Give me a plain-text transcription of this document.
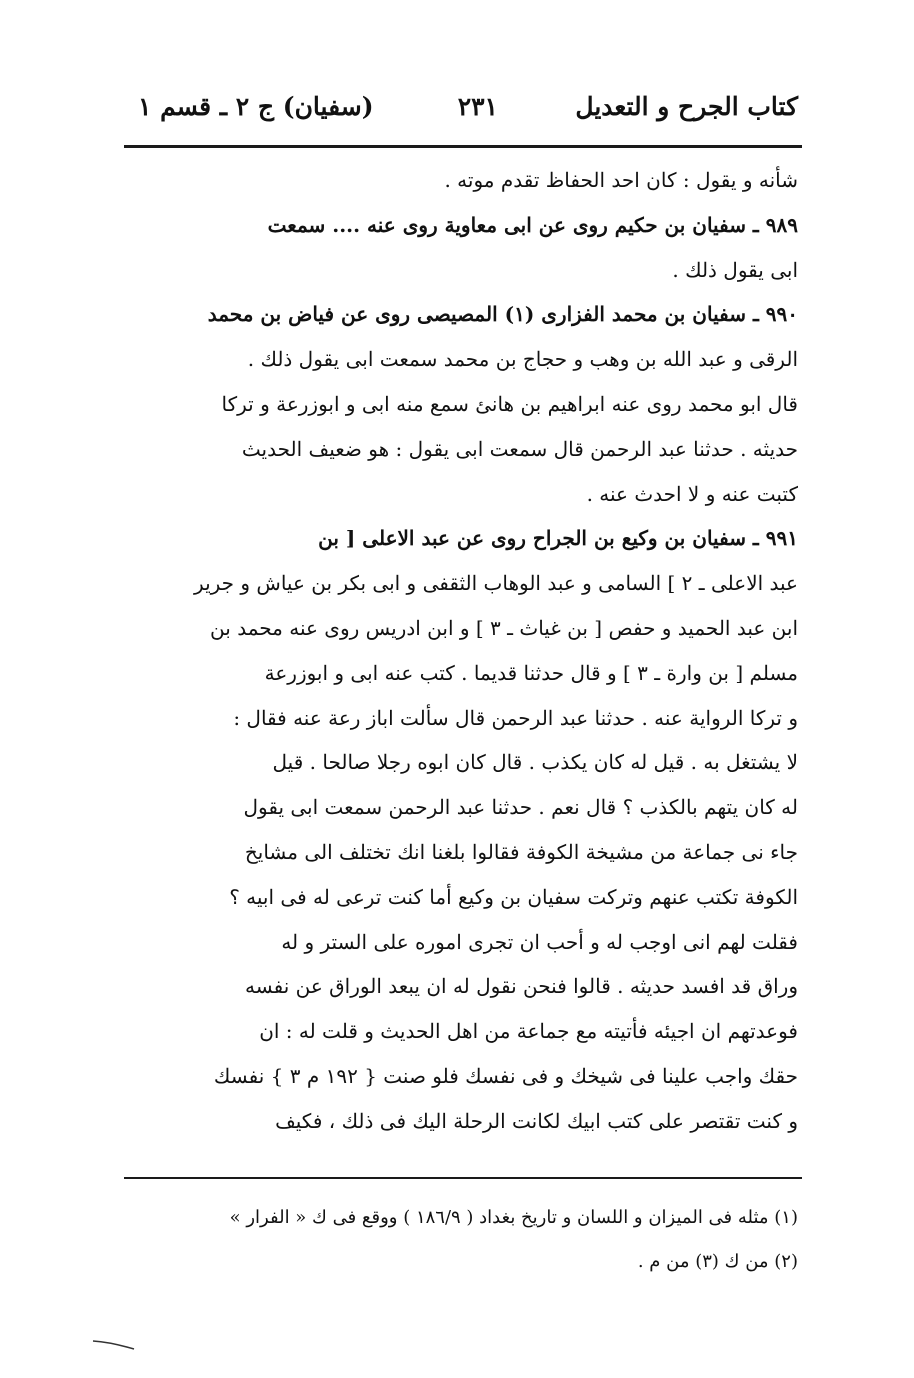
كتاب الجرح و التعديل
٢٣١
(سفيان) ج ٢ ـ قسم ١
شأنه و يقول : كان احد الحفاظ تقدم موته .
٩٨٩ ـ سفيان بن حكيم روى عن ابى معاوية روى عنه .... سمعت
ابى يقول ذلك .
٩٩٠ ـ سفيان بن محمد الفزارى (١) المصيصى روى عن فياض بن محمد
الرقى و عبد الله بن وهب و حجاج بن محمد سمعت ابى يقول ذلك .
قال ابو محمد روى عنه ابراهيم بن هانئ سمع منه ابى و ابوزرعة و تركا
حديثه . حدثنا عبد الرحمن قال سمعت ابى يقول : هو ضعيف الحديث
كتبت عنه و لا احدث عنه .
٩٩١ ـ سفيان بن وكيع بن الجراح روى عن عبد الاعلى [ بن
عبد الاعلى ـ ٢ ] السامى و عبد الوهاب الثقفى و ابى بكر بن عياش و جرير
ابن عبد الحميد و حفص [ بن غياث ـ ٣ ] و ابن ادريس روى عنه محمد بن
مسلم [ بن وارة ـ ٣ ] و قال حدثنا قديما . كتب عنه ابى و ابوزرعة
و تركا الرواية عنه . حدثنا عبد الرحمن قال سألت اباز رعة عنه فقال :
لا يشتغل به . قيل له كان يكذب . قال كان ابوه رجلا صالحا . قيل
له كان يتهم بالكذب ؟ قال نعم . حدثنا عبد الرحمن سمعت ابى يقول
جاء نى جماعة من مشيخة الكوفة فقالوا بلغنا انك تختلف الى مشايخ
الكوفة تكتب عنهم وتركت سفيان بن وكيع أما كنت ترعى له فى ابيه ؟
فقلت لهم انى اوجب له و أحب ان تجرى اموره على الستر و له
وراق قد افسد حديثه . قالوا فنحن نقول له ان يبعد الوراق عن نفسه
فوعدتهم ان اجيئه فأتيته مع جماعة من اهل الحديث و قلت له : ان
حقك واجب علينا فى شيخك و فى نفسك فلو صنت { ١٩٢ م ٣ } نفسك
و كنت تقتصر على كتب ابيك لكانت الرحلة اليك فى ذلك ، فكيف
(١) مثله فى الميزان و اللسان و تاريخ بغداد ( ١٨٦/٩ ) ووقع فى ك « الفرار »
(٢) من ك (٣) من م .
